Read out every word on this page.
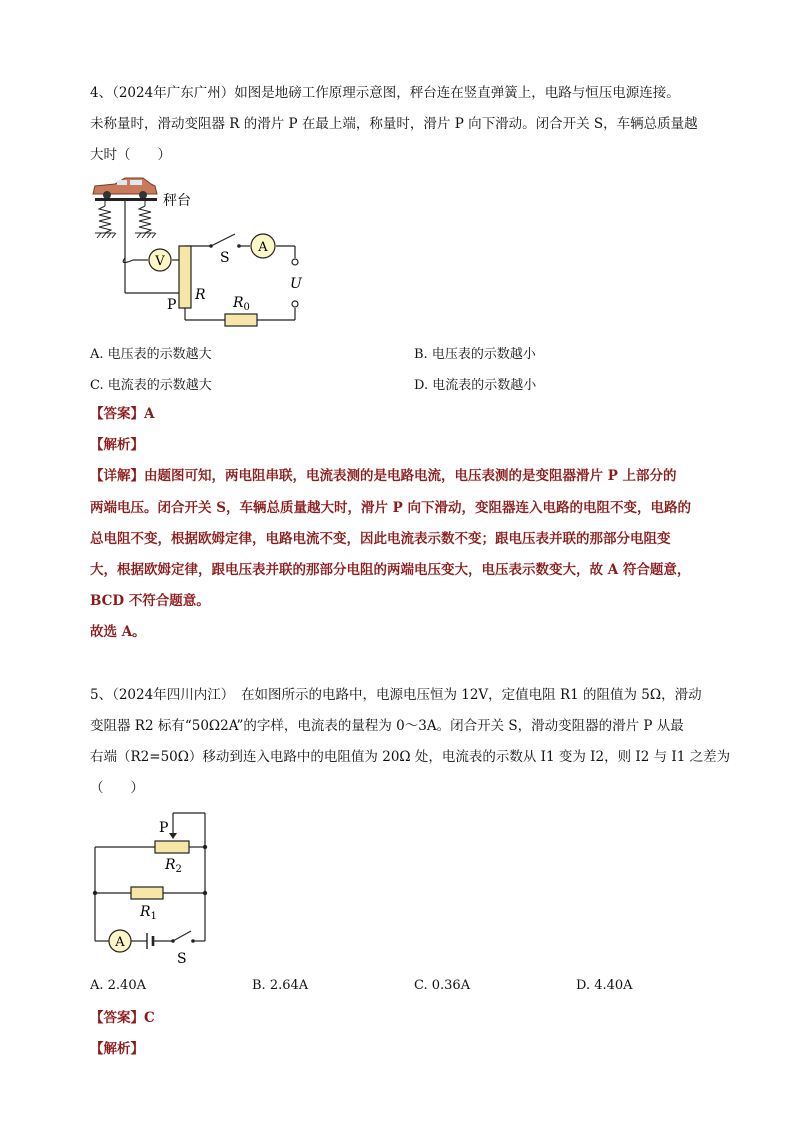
4、（2024年广东广州）如图是地磅工作原理示意图，秤台连在竖直弹簧上，电路与恒压电源连接。
未称量时，滑动变阻器 R 的滑片 P 在最上端，称量时，滑片 P 向下滑动。闭合开关 S，车辆总质量越
大时（　　）
秤台
V
A
R
P
S
$R_0$
U
A. 电压表的示数越大	B. 电压表的示数越小
C. 电流表的示数越大	D. 电流表的示数越小
【答案】A
【解析】
【详解】由题图可知，两电阻串联，电流表测的是电路电流，电压表测的是变阻器滑片 P 上部分的
两端电压。闭合开关 S，车辆总质量越大时，滑片 P 向下滑动，变阻器连入电路的电阻不变，电路的
总电阻不变，根据欧姆定律，电路电流不变，因此电流表示数不变；跟电压表并联的那部分电阻变
大，根据欧姆定律，跟电压表并联的那部分电阻的两端电压变大，电压表示数变大，故 A 符合题意，
BCD 不符合题意。
故选 A。
5、（2024年四川内江）　在如图所示的电路中，电源电压恒为 12V，定值电阻 R1 的阻值为 5Ω，滑动
变阻器 R2 标有“50Ω2A”的字样，电流表的量程为 0～3A。闭合开关 S，滑动变阻器的滑片 P 从最
右端（R2=50Ω）移动到连入电路中的电阻值为 20Ω 处，电流表的示数从 I1 变为 I2，则 I2 与 I1 之差为
（　　）
P
$R_2$
$R_1$
A
S
A. 2.40A	B. 2.64A	C. 0.36A	D. 4.40A
【答案】C
【解析】
